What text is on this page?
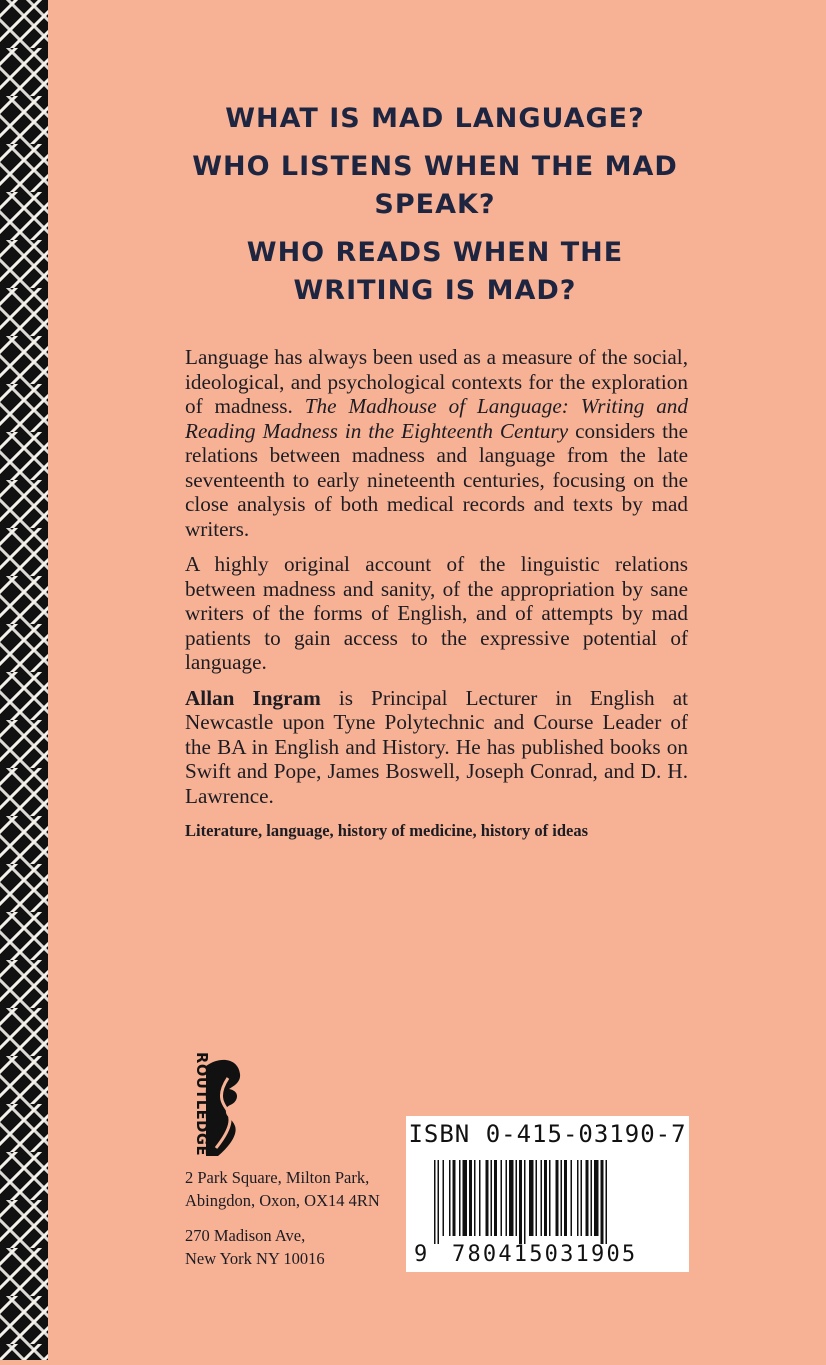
WHAT IS MAD LANGUAGE?
WHO LISTENS WHEN THE MAD SPEAK?
WHO READS WHEN THE WRITING IS MAD?

Language has always been used as a measure of the social, ideological, and psychological contexts for the exploration of madness. The Madhouse of Language: Writing and Reading Madness in the Eighteenth Century considers the relations between madness and language from the late seventeenth to early nineteenth centuries, focusing on the close analysis of both medical records and texts by mad writers.

A highly original account of the linguistic relations between madness and sanity, of the appropriation by sane writers of the forms of English, and of attempts by mad patients to gain access to the expressive potential of language.

Allan Ingram is Principal Lecturer in English at Newcastle upon Tyne Polytechnic and Course Leader of the BA in English and History. He has published books on Swift and Pope, James Boswell, Joseph Conrad, and D. H. Lawrence.

Literature, language, history of medicine, history of ideas

ROUTLEDGE
2 Park Square, Milton Park,
Abingdon, Oxon, OX14 4RN
270 Madison Ave,
New York NY 10016
ISBN 0-415-03190-7
9 780415031905
